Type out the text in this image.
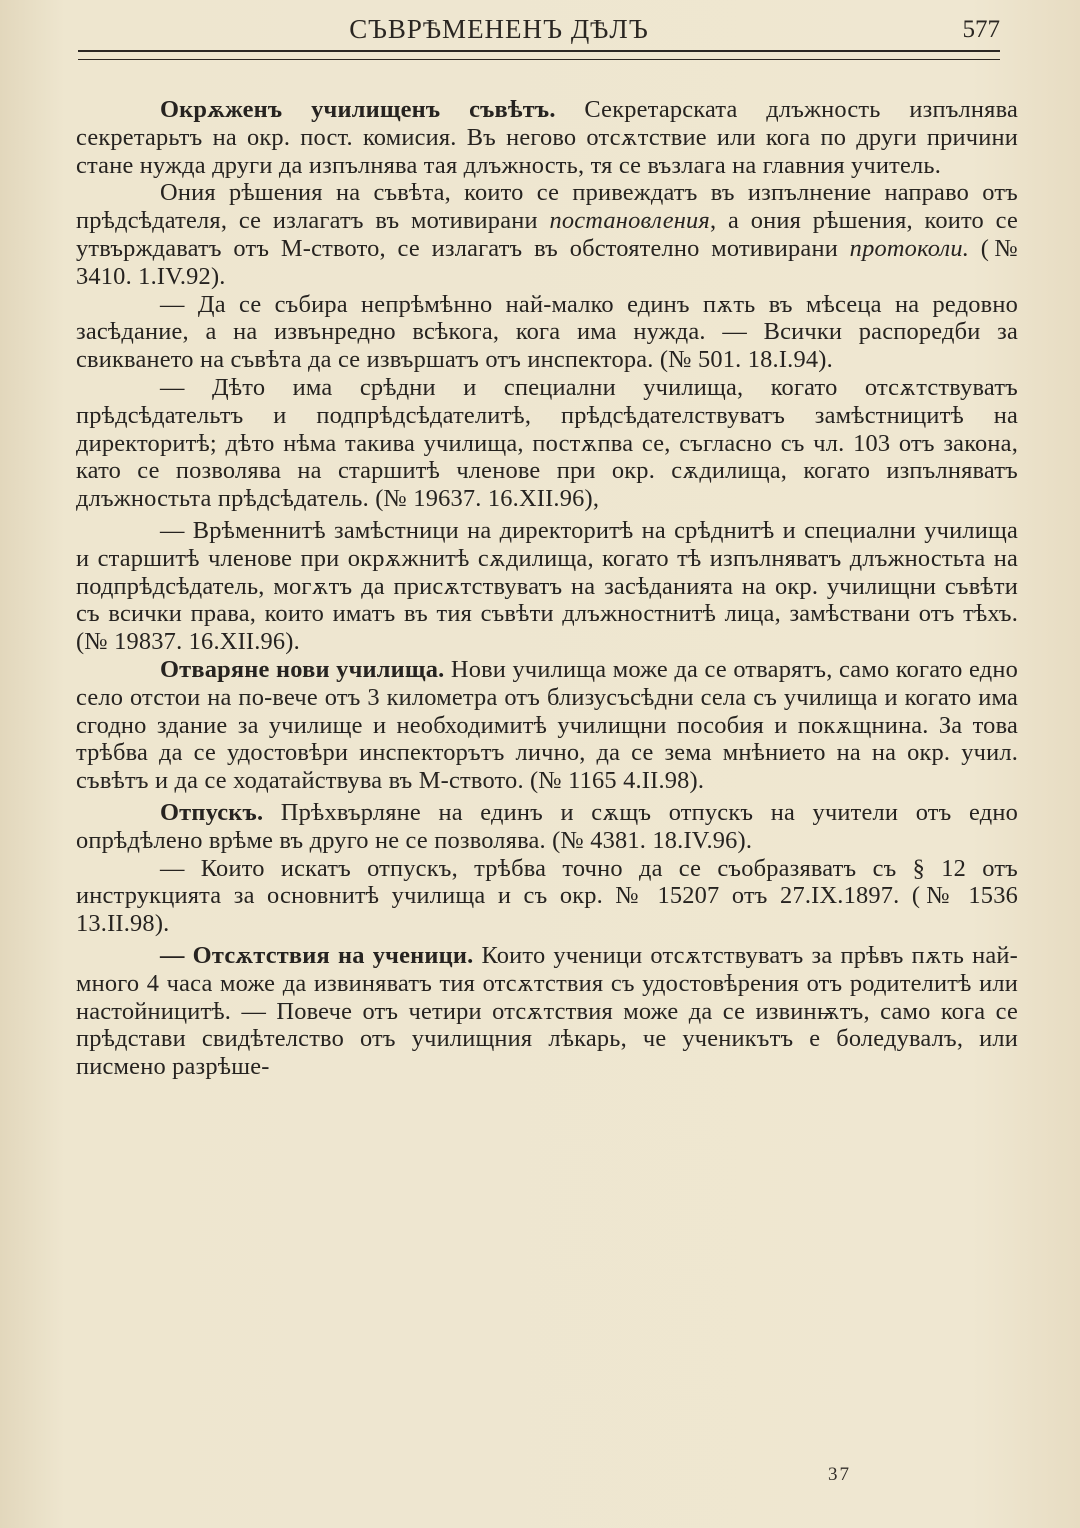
СЪВРѢМЕНЕНЪ ДѢЛЪ	577

Окрѫженъ училищенъ съвѣтъ. Секретарската длъжность изпълнява секретарьтъ на окр. пост. комисия. Въ негово отсѫтствие или кога по други причини стане нужда други да изпълнява тая длъжность, тя се възлага на главния учитель.

Ония рѣшения на съвѣта, които се привеждатъ въ изпълнение направо отъ прѣдсѣдателя, се излагатъ въ мотивирани постановления, а ония рѣшения, които се утвърждаватъ отъ М-ството, се излагатъ въ обстоятелно мотивирани протоколи. (№ 3410. 1.IV.92).

— Да се събира непрѣмѣнно най-малко единъ пѫть въ мѣсеца на редовно засѣдание, а на извънредно всѣкога, кога има нужда. — Всички распоредби за свикването на съвѣта да се извършатъ отъ инспектора. (№ 501. 18.I.94).

— Дѣто има срѣдни и специални училища, когато отсѫтствуватъ прѣдсѣдательтъ и подпрѣдсѣдателитѣ, прѣдсѣдателствуватъ замѣстницитѣ на директоритѣ; дѣто нѣма такива училища, постѫпва се, съгласно съ чл. 103 отъ закона, като се позволява на старшитѣ членове при окр. сѫдилища, когато изпълняватъ длъжностьта прѣдсѣдатель. (№ 19637. 16.XII.96),

— Врѣменнитѣ замѣстници на директоритѣ на срѣднитѣ и специални училища и старшитѣ членове при окрѫжнитѣ сѫдилища, когато тѣ изпълняватъ длъжностьта на подпрѣдсѣдатель, могѫтъ да присѫтствуватъ на засѣданията на окр. училищни съвѣти съ всички права, които иматъ въ тия съвѣти длъжностнитѣ лица, замѣствани отъ тѣхъ. (№ 19837. 16.XII.96).

Отваряне нови училища. Нови училища може да се отварятъ, само когато едно село отстои на по-вече отъ 3 километра отъ близусъсѣдни села съ училища и когато има сгодно здание за училище и необходимитѣ училищни пособия и покѫщнина. За това трѣбва да се удостовѣри инспекторътъ лично, да се зема мнѣнието на на окр. учил. съвѣтъ и да се ходатайствува въ М-ството. (№ 1165 4.II.98).

Отпускъ. Прѣхвърляне на единъ и сѫщъ отпускъ на учители отъ едно опрѣдѣлено врѣме въ друго не се позволява. (№ 4381. 18.IV.96).

— Които искатъ отпускъ, трѣбва точно да се съобразяватъ съ § 12 отъ инструкцията за основнитѣ училища и съ окр. № 15207 отъ 27.IX.1897. (№ 1536 13.II.98).

— Отсѫтствия на ученици. Които ученици отсѫтствуватъ за прѣвъ пѫть най-много 4 часа може да извиняватъ тия отсѫтствия съ удостовѣрения отъ родителитѣ или настойницитѣ. — Повече отъ четири отсѫтствия може да се извинѭтъ, само кога се прѣдстави свидѣтелство отъ училищния лѣкарь, че ученикътъ е боледувалъ, или писмено разрѣше-

37
